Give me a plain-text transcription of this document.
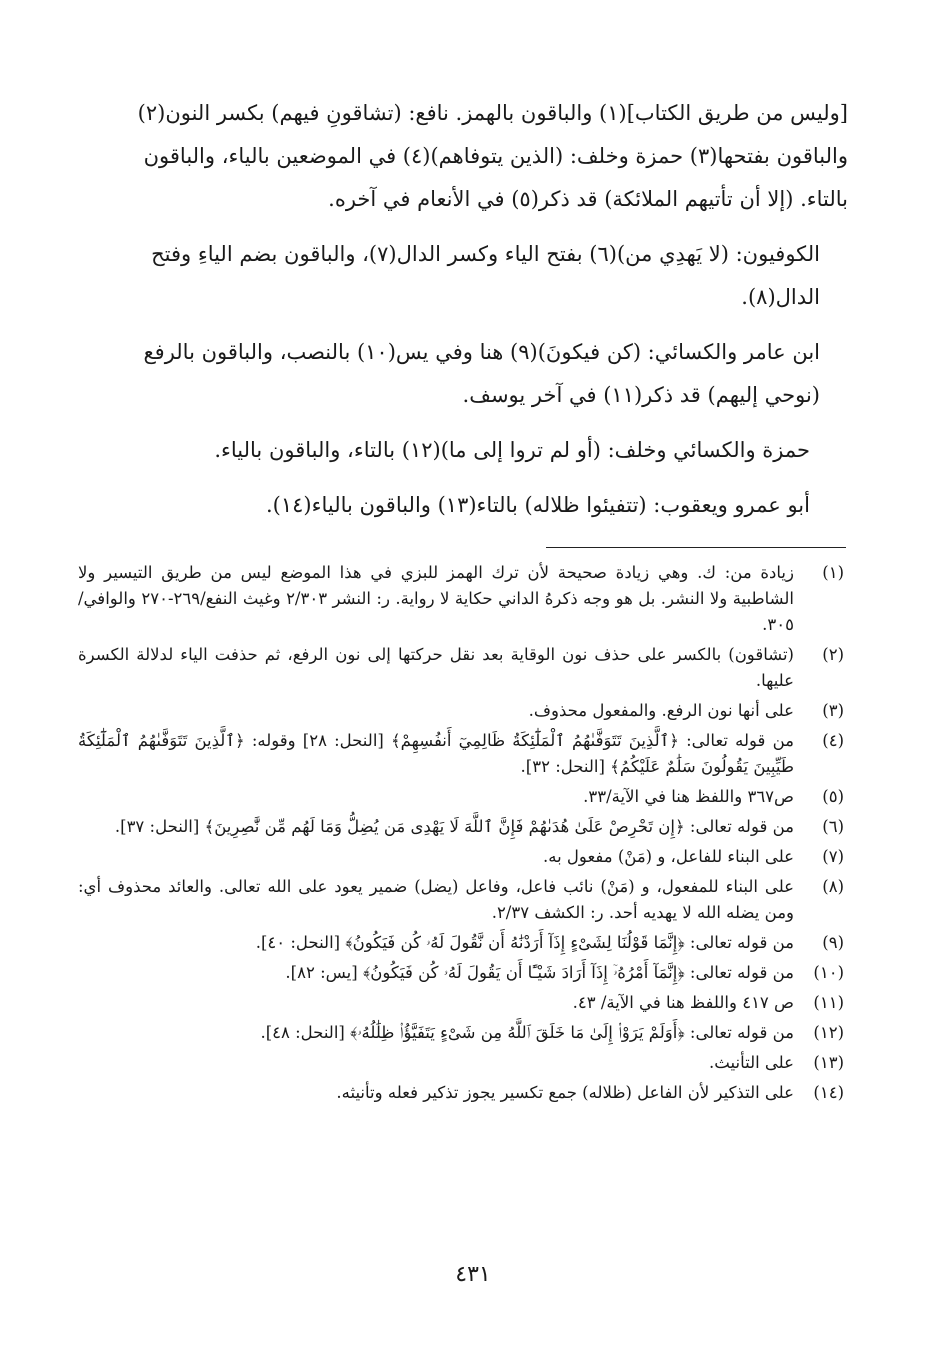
[وليس من طريق الكتاب](١) والباقون بالهمز. نافع: (تشاقونِ فيهم) بكسر النون(٢)
والباقون بفتحها(٣) حمزة وخلف: (الذين يتوفاهم)(٤) في الموضعين بالياء، والباقون
بالتاء. (إلا أن تأتيهم الملائكة) قد ذكر(٥) في الأنعام في آخره.

الكوفيون: (لا يَهدِي من)(٦) بفتح الياء وكسر الدال(٧)، والباقون بضم الياءِ وفتح
الدال(٨).

ابن عامر والكسائي: (كن فيكونَ)(٩) هنا وفي يس(١٠) بالنصب، والباقون بالرفع
(نوحي إليهم) قد ذكر(١١) في آخر يوسف.

حمزة والكسائي وخلف: (أو لم تروا إلى ما)(١٢) بالتاء، والباقون بالياء.

أبو عمرو ويعقوب: (تتفيئوا ظلاله) بالتاء(١٣) والباقون بالياء(١٤).

(١)
زيادة من: ك. وهي زيادة صحيحة لأن ترك الهمز للبزي في هذا الموضع ليس من طريق التيسير ولا الشاطبية ولا النشر. بل هو وجه ذكرهُ الداني حكاية لا رواية. ر: النشر ٢/٣٠٣ وغيث النفع/٢٦٩-٢٧٠ والوافي/٣٠٥.
(٢)
(تشاقون) بالكسر على حذف نون الوقاية بعد نقل حركتها إلى نون الرفع، ثم حذفت الياء لدلالة الكسرة عليها.
(٣)
على أنها نون الرفع. والمفعول محذوف.
(٤)
من قوله تعالى: ﴿ٱلَّذِينَ تَتَوَفَّىٰهُمُ ٱلْمَلَٰٓئِكَةُ ظَالِمِيٓ أَنفُسِهِمْ﴾ [النحل: ٢٨] وقوله: ﴿ٱلَّذِينَ تَتَوَفَّىٰهُمُ ٱلْمَلَٰٓئِكَةُ طَيِّبِينَ يَقُولُونَ سَلَٰمٌ عَلَيْكُمُ﴾ [النحل: ٣٢].
(٥)
ص٣٦٧ واللفظ هنا في الآية/٣٣.
(٦)
من قوله تعالى: ﴿إِن تَحْرِصْ عَلَىٰ هُدَىٰهُمْ فَإِنَّ ٱللَّهَ لَا يَهْدِى مَن يُضِلُّ وَمَا لَهُم مِّن نَّٰصِرِينَ﴾ [النحل: ٣٧].
(٧)
على البناء للفاعل، و (مَنْ) مفعول به.
(٨)
على البناء للمفعول، و (مَنْ) نائب فاعل، وفاعل (يضل) ضمير يعود على الله تعالى. والعائد محذوف أي: ومن يضله الله لا يهديه أحد. ر: الكشف ٢/٣٧.
(٩)
من قوله تعالى: ﴿إِنَّمَا قَوْلُنَا لِشَىْءٍ إِذَآ أَرَدْنَٰهُ أَن نَّقُولَ لَهُۥ كُن فَيَكُونُ﴾ [النحل: ٤٠].
(١٠)
من قوله تعالى: ﴿إِنَّمَآ أَمْرُهُۥٓ إِذَآ أَرَادَ شَيْـًٔا أَن يَقُولَ لَهُۥ كُن فَيَكُونُ﴾ [يس: ٨٢].
(١١)
ص ٤١٧ واللفظ هنا في الآية/ ٤٣.
(١٢)
من قوله تعالى: ﴿أَوَلَمْ يَرَوْا۟ إِلَىٰ مَا خَلَقَ ٱللَّهُ مِن شَىْءٍ يَتَفَيَّؤُا۟ ظِلَٰلُهُۥ﴾ [النحل: ٤٨].
(١٣)
على التأنيث.
(١٤)
على التذكير لأن الفاعل (ظلاله) جمع تكسير يجوز تذكير فعله وتأنيثه.
٤٣١
